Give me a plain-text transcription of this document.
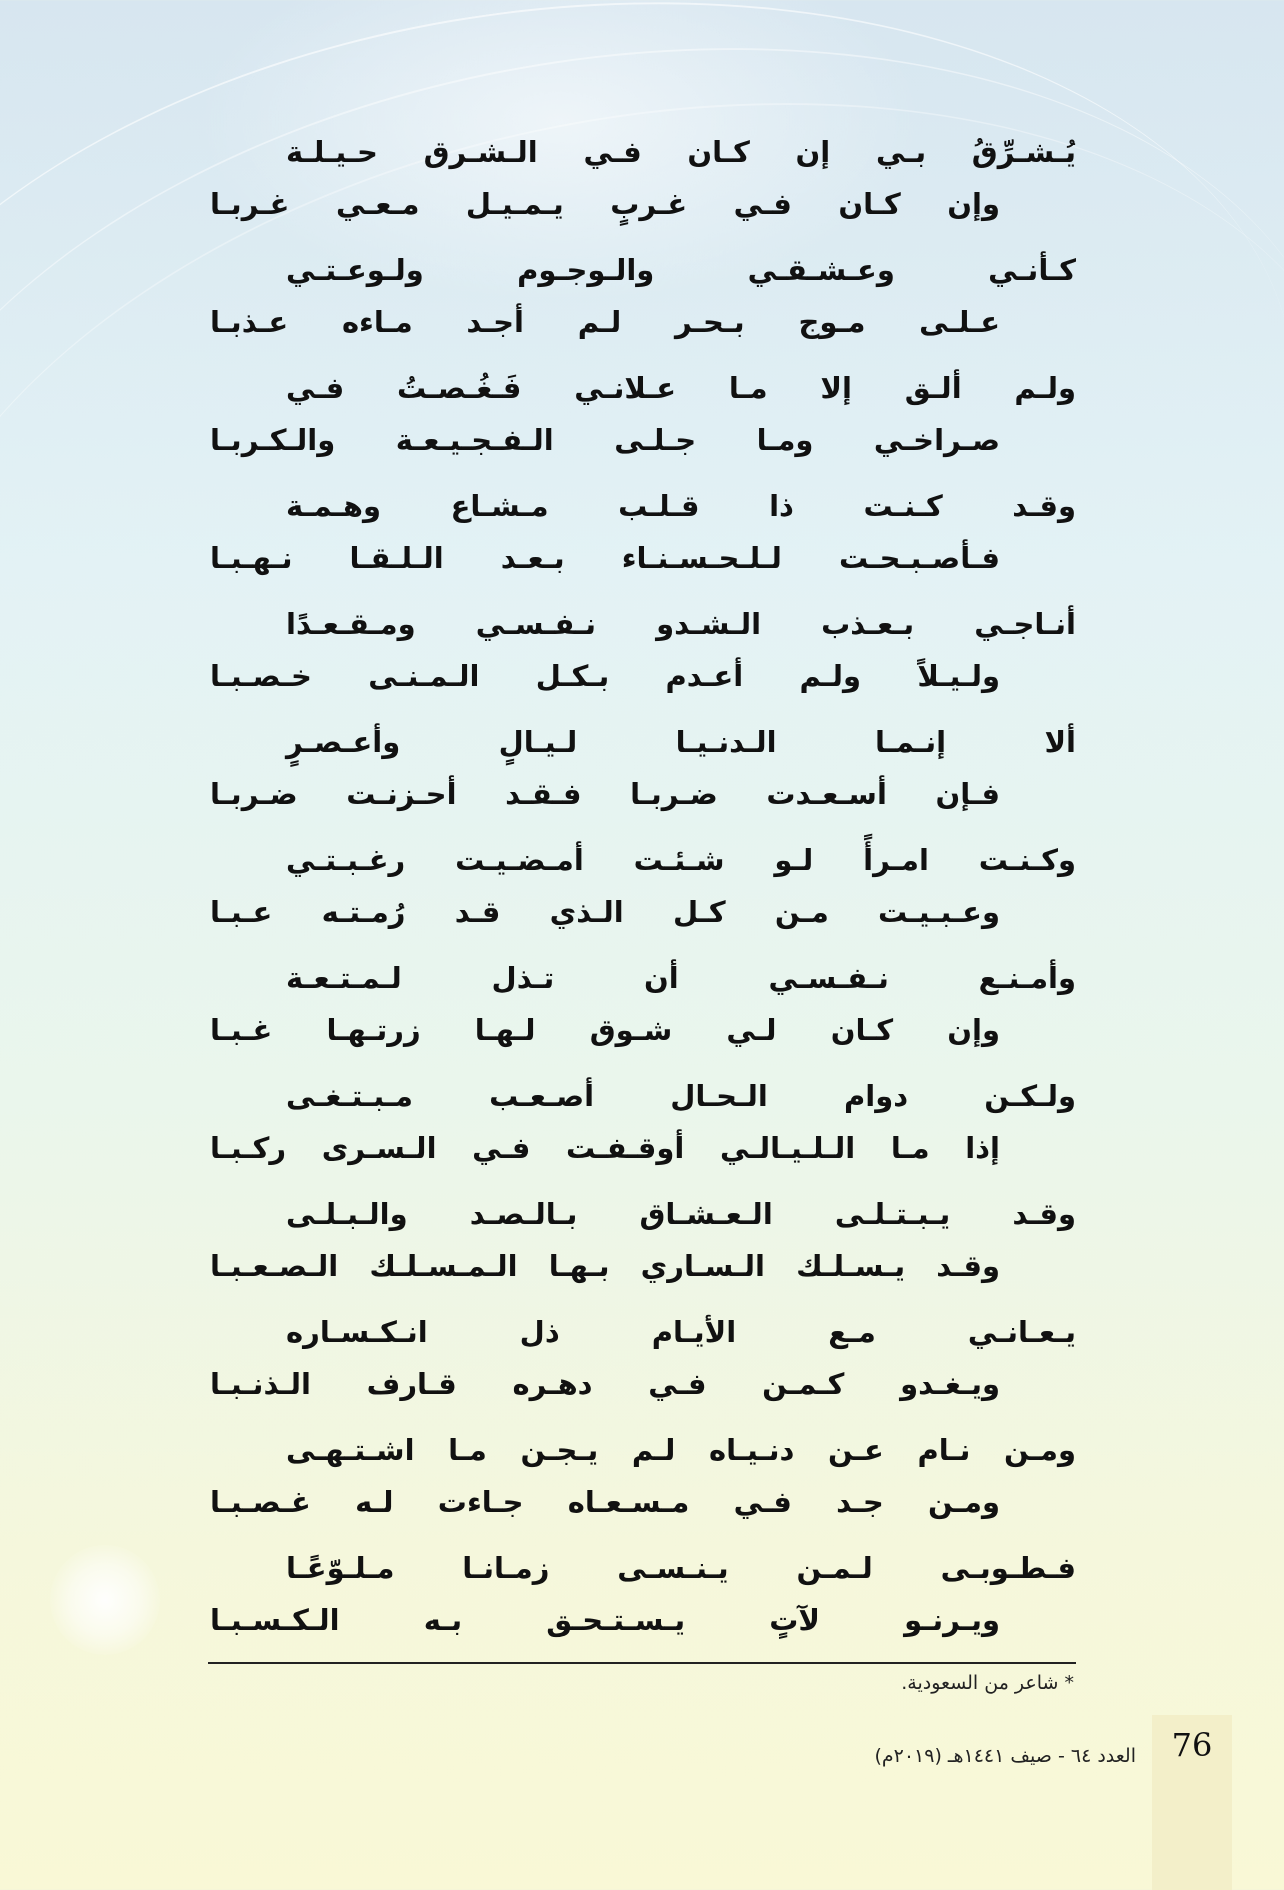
يُـشـرِّقُ بـي إن كـان فـي الـشـرق حـيـلـة
وإن كـان فـي غـربٍ يـمـيـل مـعـي غـربـا
كـأنـي وعـشـقـي والـوجـوم ولـوعـتـي
عـلـى مـوج بـحـر لـم أجـد مـاءه عـذبـا
ولـم ألـق إلا مـا عـلانـي فَـغُـصـتُ فـي
صـراخـي ومـا جـلـى الـفـجـيـعـة والـكـربـا
وقـد كـنـت ذا قـلـب مـشـاع وهـمـة
فـأصـبـحـت لـلـحـسـنـاء بـعـد الـلـقـا نـهـبـا
أنـاجـي بـعـذب الـشـدو نـفـسـي ومـقـعـدًا
ولـيـلاً ولـم أعـدم بـكـل الـمـنـى خـصـبـا
ألا إنـمـا الـدنـيـا لـيـالٍ وأعـصـرٍ
فـإن أسـعـدت ضـربـا فـقـد أحـزنـت ضـربـا
وكـنـت امـرأً لـو شـئـت أمـضـيـت رغـبـتـي
وعـبـيـت مـن كـل الـذي قـد رُمـتـه عـبـا
وأمـنـع نـفـسـي أن تـذل لـمـتـعـة
وإن كـان لـي شـوق لـهـا زرتـهـا غـبـا
ولـكـن دوام الـحـال أصـعـب مـبـتـغـى
إذا مـا الـلـيـالـي أوقـفـت فـي الـسـرى ركـبـا
وقـد يـبـتـلـى الـعـشـاق بـالـصـد والـبـلـى
وقـد يـسـلـك الـسـاري بـهـا الـمـسـلـك الـصـعـبـا
يـعـانـي مـع الأيـام ذل انـكـسـاره
ويـغـدو كـمـن فـي دهـره قـارف الـذنـبـا
ومـن نـام عـن دنـيـاه لـم يـجـن مـا اشـتـهـى
ومـن جـد فـي مـسـعـاه جـاءت لـه غـصـبـا
فـطـوبـى لـمـن يـنـسـى زمـانـا مـلـوّعًـا
ويـرنـو لآتٍ يـسـتـحـق بـه الـكـسـبـا
* شاعر من السعودية.
76
العدد ٦٤ - صيف ١٤٤١هـ (٢٠١٩م)
